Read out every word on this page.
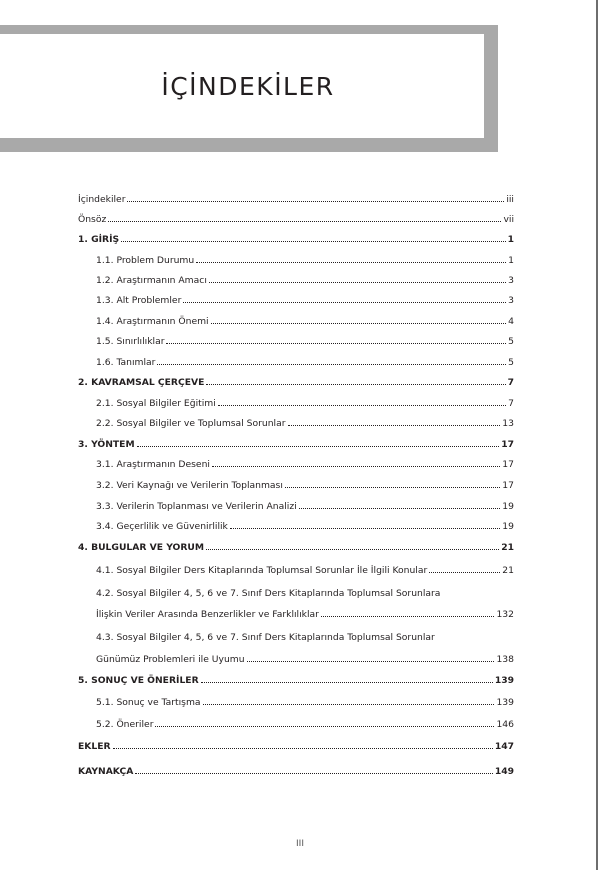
İÇİNDEKİLER
İçindekiler	iii
Önsöz	vii
1. GİRİŞ	1
1.1. Problem Durumu	1
1.2. Araştırmanın Amacı	3
1.3. Alt Problemler	3
1.4. Araştırmanın Önemi	4
1.5. Sınırlılıklar	5
1.6. Tanımlar	5
2. KAVRAMSAL ÇERÇEVE	7
2.1. Sosyal Bilgiler Eğitimi	7
2.2. Sosyal Bilgiler ve Toplumsal Sorunlar	13
3. YÖNTEM	17
3.1. Araştırmanın Deseni	17
3.2. Veri Kaynağı ve Verilerin Toplanması	17
3.3. Verilerin Toplanması ve Verilerin Analizi	19
3.4. Geçerlilik ve Güvenirlilik	19
4. BULGULAR VE YORUM	21
4.1. Sosyal Bilgiler Ders Kitaplarında Toplumsal Sorunlar İle İlgili Konular	21
4.2. Sosyal Bilgiler 4, 5, 6 ve 7. Sınıf Ders Kitaplarında Toplumsal Sorunlara
İlişkin Veriler Arasında Benzerlikler ve Farklılıklar	132
4.3. Sosyal Bilgiler 4, 5, 6 ve 7. Sınıf Ders Kitaplarında Toplumsal Sorunlar
Günümüz Problemleri ile Uyumu	138
5. SONUÇ VE ÖNERİLER	139
5.1. Sonuç ve Tartışma	139
5.2. Öneriler	146
EKLER	147
KAYNAKÇA	149
III
